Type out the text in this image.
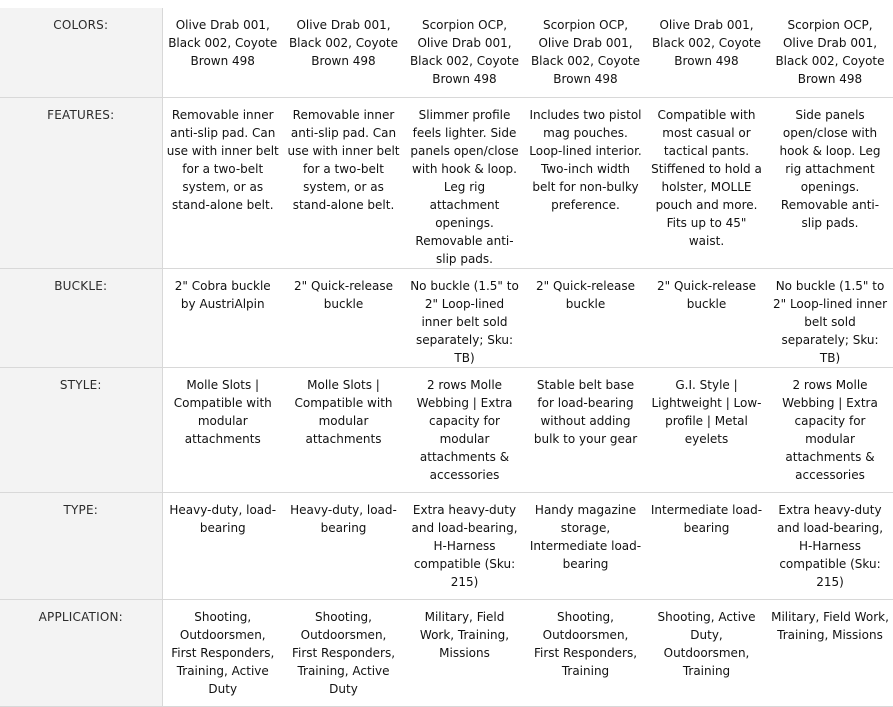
COLORS:	Olive Drab 001, Black 002, Coyote Brown 498	Olive Drab 001, Black 002, Coyote Brown 498	Scorpion OCP, Olive Drab 001, Black 002, Coyote Brown 498	Scorpion OCP, Olive Drab 001, Black 002, Coyote Brown 498	Olive Drab 001, Black 002, Coyote Brown 498	Scorpion OCP, Olive Drab 001, Black 002, Coyote Brown 498

FEATURES:	Removable inner anti-slip pad. Can use with inner belt for a two-belt system, or as stand-alone belt.	Removable inner anti-slip pad. Can use with inner belt for a two-belt system, or as stand-alone belt.	Slimmer profile feels lighter. Side panels open/close with hook & loop. Leg rig attachment openings. Removable anti-slip pads.	Includes two pistol mag pouches. Loop-lined interior. Two-inch width belt for non-bulky preference.	Compatible with most casual or tactical pants. Stiffened to hold a holster, MOLLE pouch and more. Fits up to 45" waist.	Side panels open/close with hook & loop. Leg rig attachment openings. Removable anti-slip pads.

BUCKLE:	2" Cobra buckle by AustriAlpin	2" Quick-release buckle	No buckle (1.5" to 2" Loop-lined inner belt sold separately; Sku: TB)	2" Quick-release buckle	2" Quick-release buckle	No buckle (1.5" to 2" Loop-lined inner belt sold separately; Sku: TB)

STYLE:	Molle Slots | Compatible with modular attachments	Molle Slots | Compatible with modular attachments	2 rows Molle Webbing | Extra capacity for modular attachments & accessories	Stable belt base for load-bearing without adding bulk to your gear	G.I. Style | Lightweight | Low-profile | Metal eyelets	2 rows Molle Webbing | Extra capacity for modular attachments & accessories

TYPE:	Heavy-duty, load-bearing	Heavy-duty, load-bearing	Extra heavy-duty and load-bearing, H-Harness compatible (Sku: 215)	Handy magazine storage, Intermediate load-bearing	Intermediate load-bearing	Extra heavy-duty and load-bearing, H-Harness compatible (Sku: 215)

APPLICATION:	Shooting, Outdoorsmen, First Responders, Training, Active Duty	Shooting, Outdoorsmen, First Responders, Training, Active Duty	Military, Field Work, Training, Missions	Shooting, Outdoorsmen, First Responders, Training	Shooting, Active Duty, Outdoorsmen, Training	Military, Field Work, Training, Missions
